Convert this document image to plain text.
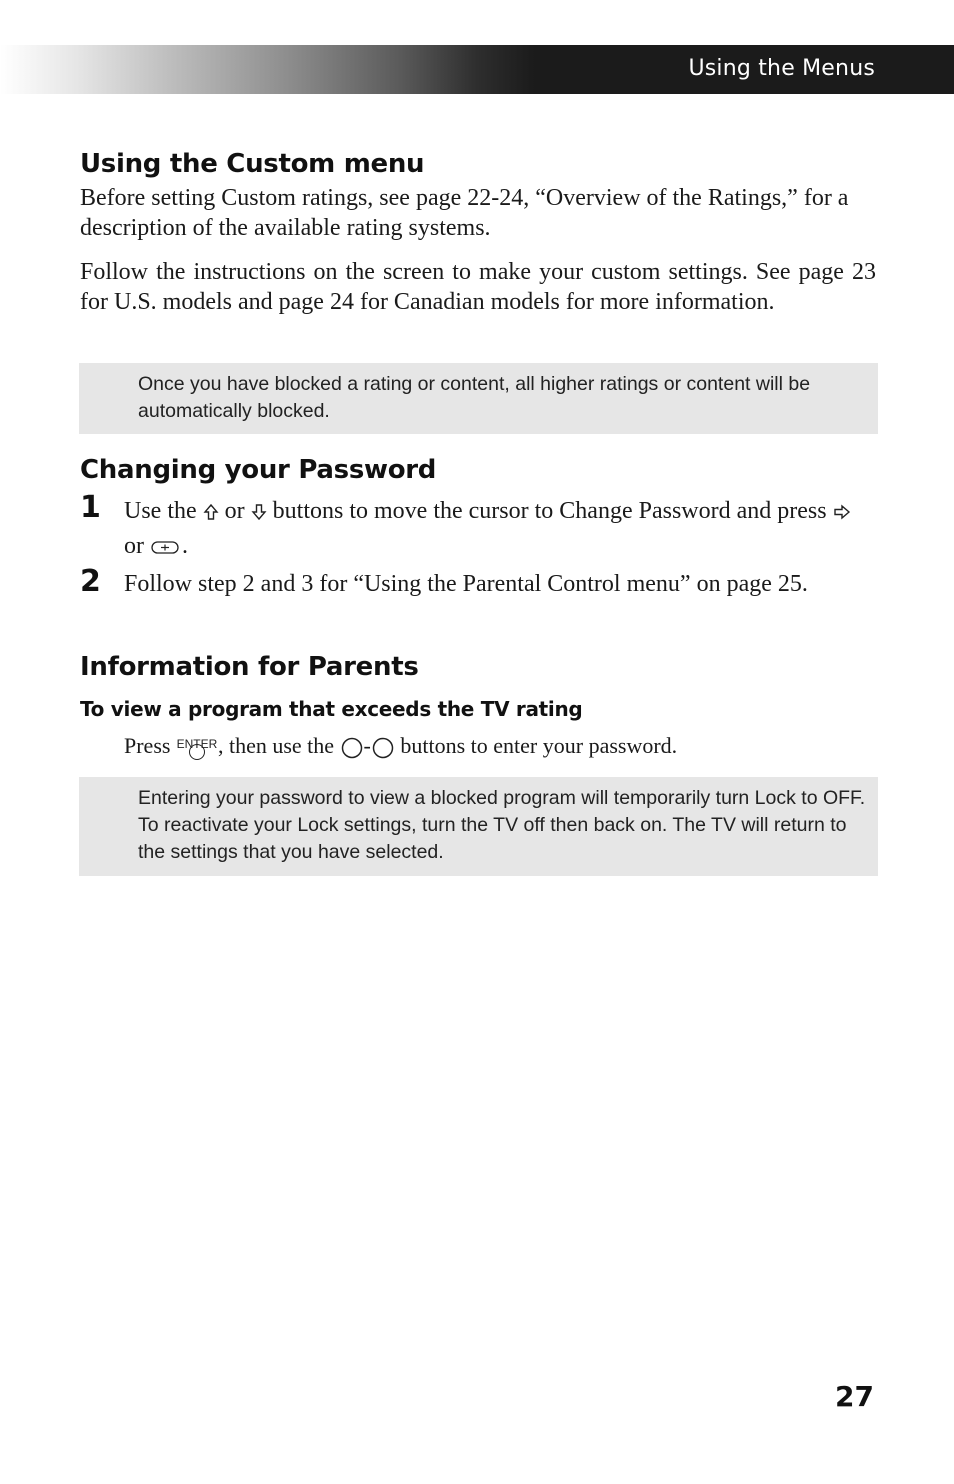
Using the Menus
Using the Custom menu

Before setting Custom ratings, see page 22-24, “Overview of the Ratings,” for a description of the available rating systems.

Follow the instructions on the screen to make your custom settings. See page 23 for U.S. models and page 24 for Canadian models for more information.

Changing your Password
1 Use the or buttons to move the cursor to Change Password and press  or .
2 Follow step 2 and 3 for “Using the Parental Control menu” on page 25.
Information for Parents
To view a program that exceeds the TV rating
Press ENTER , then use the - buttons to enter your password.
Once you have blocked a rating or content, all higher ratings or content will be automatically blocked.
Entering your password to view a blocked program will temporarily turn Lock to OFF. To reactivate your Lock settings, turn the TV off then back on. The TV will return to the settings that you have selected.
27
